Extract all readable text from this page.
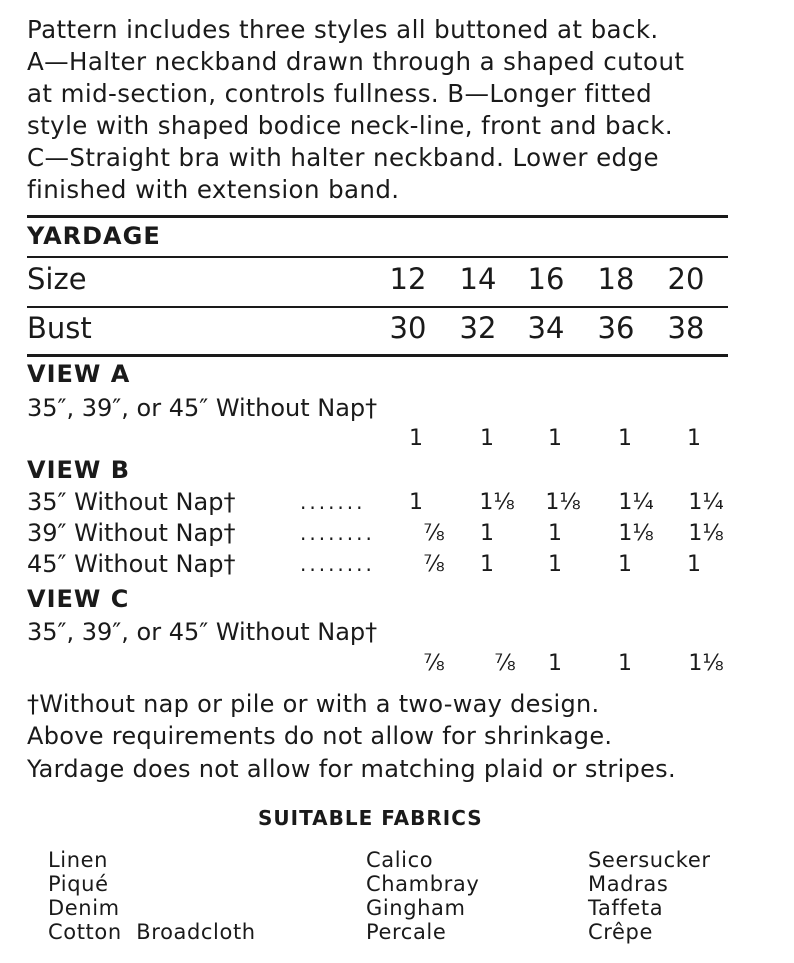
Pattern includes three styles all buttoned at back.
A—Halter neckband drawn through a shaped cutout
at mid-section, controls fullness. B—Longer fitted
style with shaped bodice neck-line, front and back.
C—Straight bra with halter neckband. Lower edge
finished with extension band.
YARDAGE
Size	12	14	16	18	20
Bust	30	32	34	36	38
VIEW A
35″, 39″, or 45″ Without Nap†
1	1	1	1	1
VIEW B
35″ Without Nap†	.......	1	1⅛	1⅛	1¼	1¼
39″ Without Nap†	........	⅞	1	1	1⅛	1⅛
45″ Without Nap†	........	⅞	1	1	1	1
VIEW C
35″, 39″, or 45″ Without Nap†
⅞	⅞	1	1	1⅛
†Without nap or pile or with a two-way design.
Above requirements do not allow for shrinkage.
Yardage does not allow for matching plaid or stripes.
SUITABLE FABRICS
Linen
Piqué
Denim
Cotton  Broadcloth
Calico
Chambray
Gingham
Percale
Seersucker
Madras
Taffeta
Crêpe
